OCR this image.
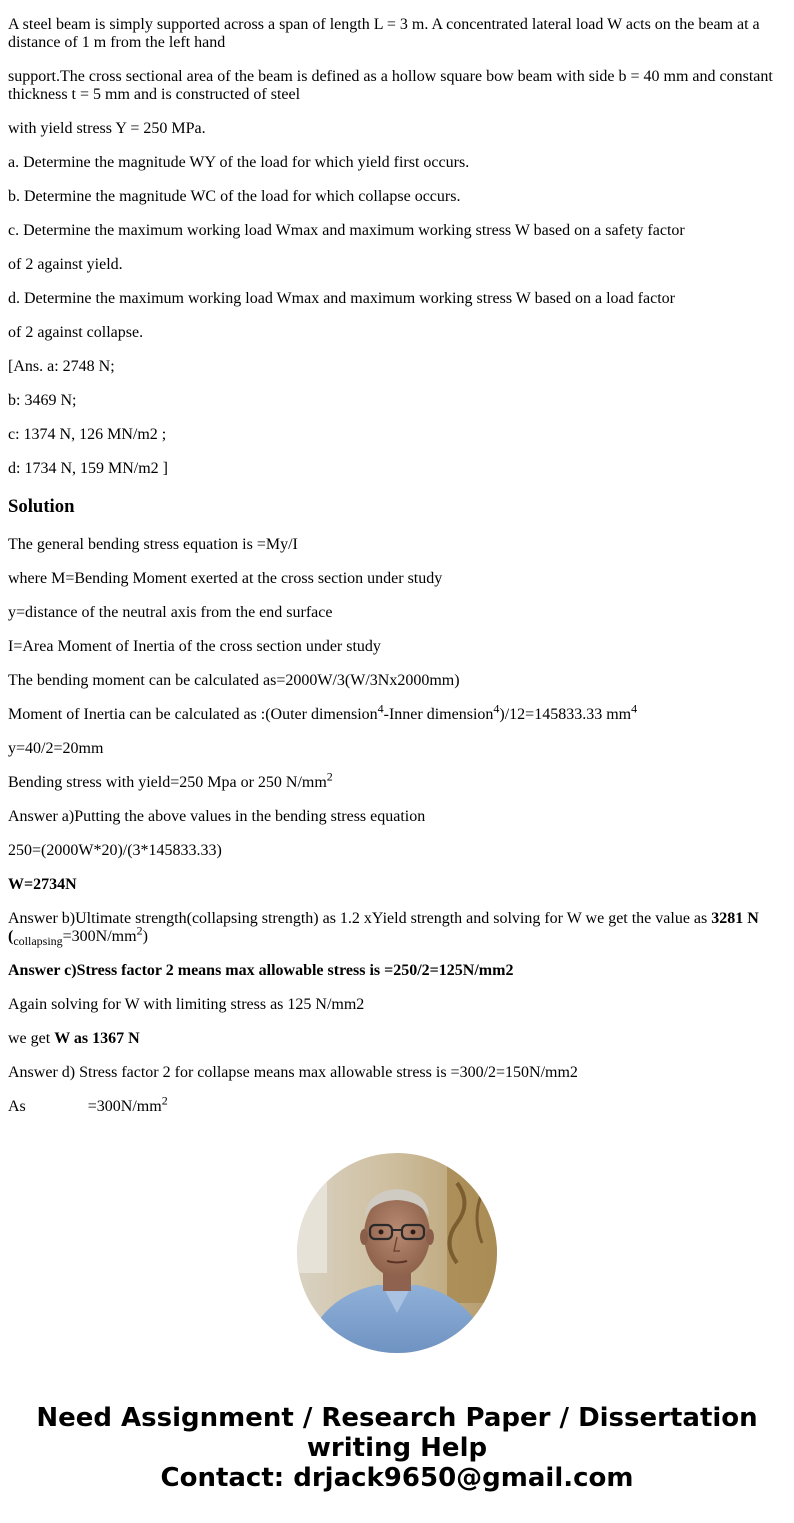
A steel beam is simply supported across a span of length L = 3 m. A concentrated lateral load W acts on the beam at a distance of 1 m from the left hand

support.The cross sectional area of the beam is defined as a hollow square bow beam with side b = 40 mm and constant thickness t = 5 mm and is constructed of steel

with yield stress Y = 250 MPa.

a. Determine the magnitude WY of the load for which yield first occurs.

b. Determine the magnitude WC of the load for which collapse occurs.

c. Determine the maximum working load Wmax and maximum working stress W based on a safety factor

of 2 against yield.

d. Determine the maximum working load Wmax and maximum working stress W based on a load factor

of 2 against collapse.

[Ans. a: 2748 N;

b: 3469 N;

c: 1374 N, 126 MN/m2 ;

d: 1734 N, 159 MN/m2 ]

Solution

The general bending stress equation is =My/I

where M=Bending Moment exerted at the cross section under study

y=distance of the neutral axis from the end surface

I=Area Moment of Inertia of the cross section under study

The bending moment can be calculated as=2000W/3(W/3Nx2000mm)

Moment of Inertia can be calculated as :(Outer dimension$^4$-Inner dimension$^4$)/12=145833.33 $mm^4$

y=40/2=20mm

Bending stress with yield=250 Mpa or 250 $N/mm^2$

Answer a)Putting the above values in the bending stress equation

250=(2000W*20)/(3*145833.33)

W=2734N

Answer b)Ultimate strength(collapsing strength) as 1.2 xYield strength and solving for W we get the value as 3281 N $(_{collapsing}=300N/mm^2)$

Answer c)Stress factor 2 means max allowable stress is =250/2=125N/mm2

Again solving for W with limiting stress as 125 N/mm2

we get W as 1367 N

Answer d) Stress factor 2 for collapse means max allowable stress is =300/2=150N/mm2

As	$=300N/mm^2$

Need Assignment / Research Paper / Dissertation
writing Help
Contact: drjack9650@gmail.com
